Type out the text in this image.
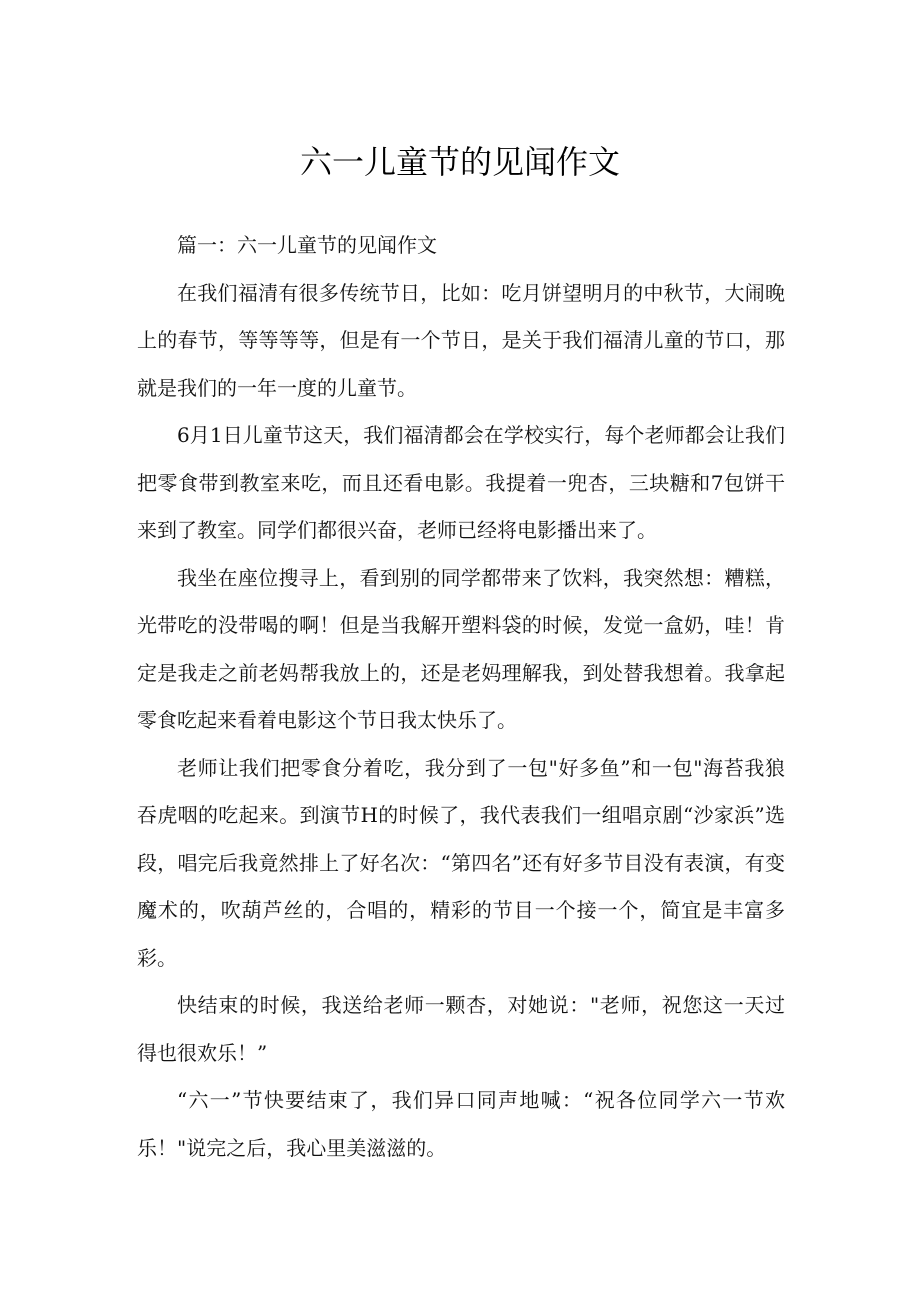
六一儿童节的见闻作文

篇一：六一儿童节的见闻作文

在我们福清有很多传统节日，比如：吃月饼望明月的中秋节，大闹晚上的春节，等等等等，但是有一个节日，是关于我们福清儿童的节口，那就是我们的一年一度的儿童节。

6月1日儿童节这天，我们福清都会在学校实行，每个老师都会让我们把零食带到教室来吃，而且还看电影。我提着一兜杏，三块糖和7包饼干来到了教室。同学们都很兴奋，老师已经将电影播出来了。

我坐在座位搜寻上，看到别的同学都带来了饮料，我突然想：糟糕，光带吃的没带喝的啊！但是当我解开塑料袋的时候，发觉一盒奶，哇！肯定是我走之前老妈帮我放上的，还是老妈理解我，到处替我想着。我拿起零食吃起来看着电影这个节日我太快乐了。

老师让我们把零食分着吃，我分到了一包"好多鱼”和一包"海苔我狼吞虎咽的吃起来。到演节H的时候了，我代表我们一组唱京剧“沙家浜”选段，唱完后我竟然排上了好名次：“第四名”还有好多节目没有表演，有变魔术的，吹葫芦丝的，合唱的，精彩的节目一个接一个，简宜是丰富多彩。

快结束的时候，我送给老师一颗杏，对她说："老师，祝您这一天过得也很欢乐！”

“六一”节快要结束了，我们异口同声地喊：“祝各位同学六一节欢乐！"说完之后，我心里美滋滋的。
